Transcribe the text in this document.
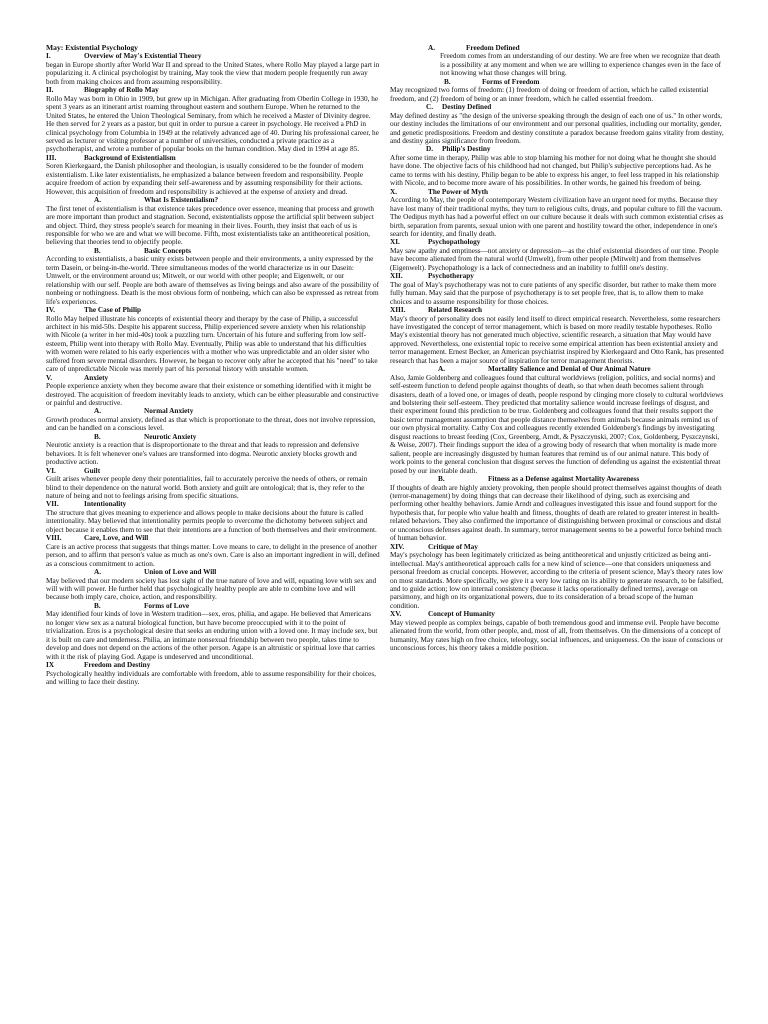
May: Existential Psychology

I.	Overview of May's Existential Theory

began in Europe shortly after World War II and spread to the United States, where Rollo May played a large part in popularizing it. A clinical psychologist by training, May took the view that modern people frequently run away both from making choices and from assuming responsibility.

II.	Biography of Rollo May

Rollo May was born in Ohio in 1909, but grew up in Michigan. After graduating from Oberlin College in 1930, he spent 3 years as an itinerant artist roaming throughout eastern and southern Europe. When he returned to the United States, he entered the Union Theological Seminary, from which he received a Master of Divinity degree. He then served for 2 years as a pastor, but quit in order to pursue a career in psychology. He received a PhD in clinical psychology from Columbia in 1949 at the relatively advanced age of 40. During his professional career, he served as lecturer or visiting professor at a number of universities, conducted a private practice as a psychotherapist, and wrote a number of popular books on the human condition. May died in 1994 at age 85.

III.	Background of Existentialism

Soren Kierkegaard, the Danish philosopher and theologian, is usually considered to be the founder of modern existentialism. Like later existentialists, he emphasized a balance between freedom and responsibility. People acquire freedom of action by expanding their self-awareness and by assuming responsibility for their actions. However, this acquisition of freedom and responsibility is achieved at the expense of anxiety and dread.

A.	What Is Existentialism?

The first tenet of existentialism is that existence takes precedence over essence, meaning that process and growth are more important than product and stagnation. Second, existentialists oppose the artificial split between subject and object. Third, they stress people's search for meaning in their lives. Fourth, they insist that each of us is responsible for who we are and what we will become. Fifth, most existentialists take an antitheoretical position, believing that theories tend to objectify people.

B.	Basic Concepts

According to existentialists, a basic unity exists between people and their environments, a unity expressed by the term Dasein, or being-in-the-world. Three simultaneous modes of the world characterize us in our Dasein: Umwelt, or the environment around us; Mitwelt, or our world with other people; and Eigenwelt, or our relationship with our self. People are both aware of themselves as living beings and also aware of the possibility of nonbeing or nothingness. Death is the most obvious form of nonbeing, which can also be expressed as retreat from life's experiences.

IV.	The Case of Philip

Rollo May helped illustrate his concepts of existential theory and therapy by the case of Philip, a successful architect in his mid-50s. Despite his apparent success, Philip experienced severe anxiety when his relationship with Nicole (a writer in her mid-40s) took a puzzling turn. Uncertain of his future and suffering from low self-esteem, Philip went into therapy with Rollo May. Eventually, Philip was able to understand that his difficulties with women were related to his early experiences with a mother who was unpredictable and an older sister who suffered from severe mental disorders. However, he began to recover only after he accepted that his "need" to take care of unpredictable Nicole was merely part of his personal history with unstable women.

V.	Anxiety

People experience anxiety when they become aware that their existence or something identified with it might be destroyed. The acquisition of freedom inevitably leads to anxiety, which can be either pleasurable and constructive or painful and destructive.

A.	Normal Anxiety

Growth produces normal anxiety, defined as that which is proportionate to the threat, does not involve repression, and can be handled on a conscious level.

B.	Neurotic Anxiety

Neurotic anxiety is a reaction that is disproportionate to the threat and that leads to repression and defensive behaviors. It is felt whenever one's values are transformed into dogma. Neurotic anxiety blocks growth and productive action.

VI.	Guilt

Guilt arises whenever people deny their potentialities, fail to accurately perceive the needs of others, or remain blind to their dependence on the natural world. Both anxiety and guilt are ontological; that is, they refer to the nature of being and not to feelings arising from specific situations.

VII.	Intentionality

The structure that gives meaning to experience and allows people to make decisions about the future is called intentionality. May believed that intentionality permits people to overcome the dichotomy between subject and object because it enables them to see that their intentions are a function of both themselves and their environment.

VIII.	Care, Love, and Will

Care is an active process that suggests that things matter. Love means to care, to delight in the presence of another person, and to affirm that person's value as much as one's own. Care is also an important ingredient in will, defined as a conscious commitment to action.

A.	Union of Love and Will

May believed that our modern society has lost sight of the true nature of love and will, equating love with sex and will with will power. He further held that psychologically healthy people are able to combine love and will because both imply care, choice, action, and responsibility.

B.	Forms of Love

May identified four kinds of love in Western tradition—sex, eros, philia, and agape. He believed that Americans no longer view sex as a natural biological function, but have become preoccupied with it to the point of trivialization. Eros is a psychological desire that seeks an enduring union with a loved one. It may include sex, but it is built on care and tenderness. Philia, an intimate nonsexual friendship between two people, takes time to develop and does not depend on the actions of the other person. Agape is an altruistic or spiritual love that carries with it the risk of playing God. Agape is undeserved and unconditional.

IX	Freedom and Destiny

Psychologically healthy individuals are comfortable with freedom, able to assume responsibility for their choices, and willing to face their destiny.

A.	Freedom Defined

Freedom comes from an understanding of our destiny. We are free when we recognize that death is a possibility at any moment and when we are willing to experience changes even in the face of not knowing what those changes will bring.

B.	Forms of Freedom

May recognized two forms of freedom: (1) freedom of doing or freedom of action, which he called existential freedom, and (2) freedom of being or an inner freedom, which he called essential freedom.

C.	Destiny Defined

May defined destiny as "the design of the universe speaking through the design of each one of us." In other words, our destiny includes the limitations of our environment and our personal qualities, including our mortality, gender, and genetic predispositions. Freedom and destiny constitute a paradox because freedom gains vitality from destiny, and destiny gains significance from freedom.

D.	Philip's Destiny

After some time in therapy, Philip was able to stop blaming his mother for not doing what he thought she should have done. The objective facts of his childhood had not changed, but Philip's subjective perceptions had. As he came to terms with his destiny, Philip began to be able to express his anger, to feel less trapped in his relationship with Nicole, and to become more aware of his possibilities. In other words, he gained his freedom of being.

X.	The Power of Myth

According to May, the people of contemporary Western civilization have an urgent need for myths. Because they have lost many of their traditional myths, they turn to religious cults, drugs, and popular culture to fill the vacuum. The Oedipus myth has had a powerful effect on our culture because it deals with such common existential crises as birth, separation from parents, sexual union with one parent and hostility toward the other, independence in one's search for identity, and finally death.

XI.	Psychopathology

May saw apathy and emptiness—not anxiety or depression—as the chief existential disorders of our time. People have become alienated from the natural world (Umwelt), from other people (Mitwelt) and from themselves (Eigenwelt). Psychopathology is a lack of connectedness and an inability to fulfill one's destiny.

XII.	Psychotherapy

The goal of May's psychotherapy was not to cure patients of any specific disorder, but rather to make them more fully human. May said that the purpose of psychotherapy is to set people free, that is, to allow them to make choices and to assume responsibility for those choices.

XIII.	Related Research

May's theory of personality does not easily lend itself to direct empirical research. Nevertheless, some researchers have investigated the concept of terror management, which is based on more readily testable hypotheses. Rollo May's existential theory has not generated much objective, scientific research, a situation that May would have approved. Nevertheless, one existential topic to receive some empirical attention has been existential anxiety and terror management. Ernest Becker, an American psychiatrist inspired by Kierkegaard and Otto Rank, has presented research that has been a major source of inspiration for terror management theorists.

A.	Mortality Salience and Denial of Our Animal Nature

Also, Jamie Goldenberg and colleagues found that cultural worldviews (religion, politics, and social norms) and self-esteem function to defend people against thoughts of death, so that when death becomes salient through disasters, death of a loved one, or images of death, people respond by clinging more closely to cultural worldviews and bolstering their self-esteem. They predicted that mortality salience would increase feelings of disgust, and their experiment found this prediction to be true. Goldenberg and colleagues found that their results support the basic terror management assumption that people distance themselves from animals because animals remind us of our own physical mortality. Cathy Cox and colleagues recently extended Goldenberg's findings by investigating disgust reactions to breast feeding (Cox, Greenberg, Arndt, & Pyszczynski, 2007; Cox, Goldenberg, Pyszczynski, & Weise, 2007). Their findings support the idea of a growing body of research that when mortality is made more salient, people are increasingly disgusted by human features that remind us of our animal nature. This body of work points to the general conclusion that disgust serves the function of defending us against the existential threat posed by our inevitable death.

B.	Fitness as a Defense against Mortality Awareness

If thoughts of death are highly anxiety provoking, then people should protect themselves against thoughts of death (terror-management) by doing things that can decrease their likelihood of dying, such as exercising and performing other healthy behaviors. Jamie Arndt and colleagues investigated this issue and found support for the hypothesis that, for people who value health and fitness, thoughts of death are related to greater interest in health-related behaviors. They also confirmed the importance of distinguishing between proximal or conscious and distal or unconscious defenses against death. In summary, terror management seems to be a powerful force behind much of human behavior.

XIV.	Critique of May

May's psychology has been legitimately criticized as being antitheoretical and unjustly criticized as being anti-intellectual. May's antitheoretical approach calls for a new kind of science—one that considers uniqueness and personal freedom as crucial concepts. However, according to the criteria of present science, May's theory rates low on most standards. More specifically, we give it a very low rating on its ability to generate research, to be falsified, and to guide action; low on internal consistency (because it lacks operationally defined terms), average on parsimony, and high on its organizational powers, due to its consideration of a broad scope of the human condition.

XV.	Concept of Humanity

May viewed people as complex beings, capable of both tremendous good and immense evil. People have become alienated from the world, from other people, and, most of all, from themselves. On the dimensions of a concept of humanity, May rates high on free choice, teleology, social influences, and uniqueness. On the issue of conscious or unconscious forces, his theory takes a middle position.
